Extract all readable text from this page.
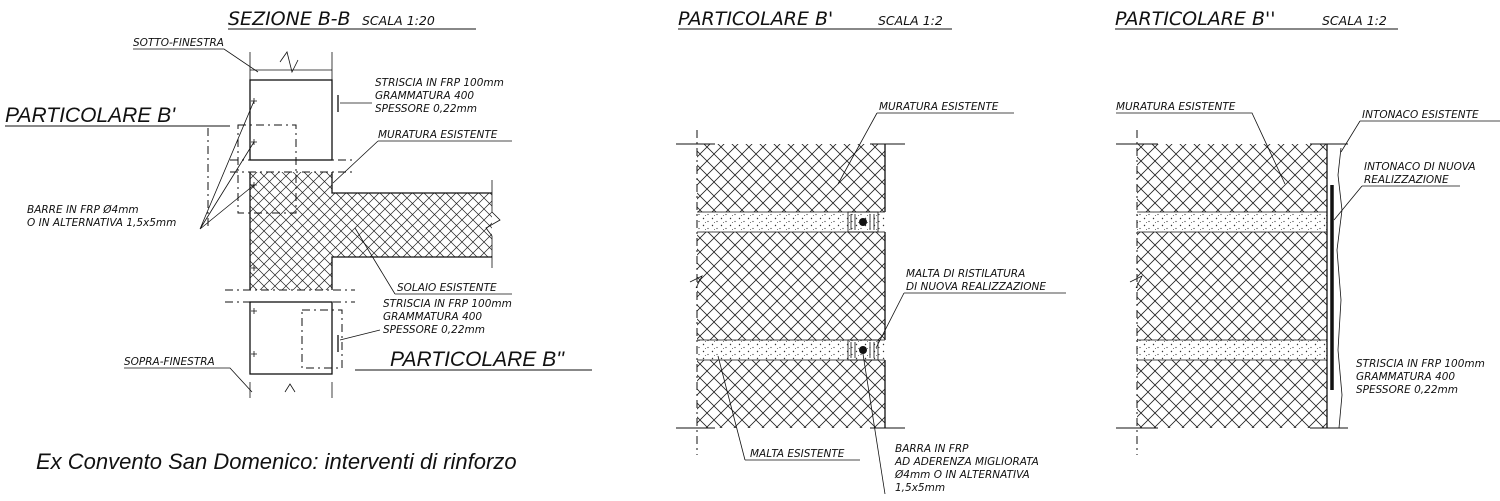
SEZIONE B-B SCALA 1:20
SOTTO-FINESTRA
STRISCIA IN FRP 100mm
GRAMMATURA 400
SPESSORE 0,22mm
MURATURA ESISTENTE
PARTICOLARE B'
BARRE IN FRP Ø4mm
O IN ALTERNATIVA 1,5x5mm
SOLAIO ESISTENTE
STRISCIA IN FRP 100mm
GRAMMATURA 400
SPESSORE 0,22mm
PARTICOLARE B''
SOPRA-FINESTRA
Ex Convento San Domenico: interventi di rinforzo
PARTICOLARE B'	SCALA 1:2
MURATURA ESISTENTE
MALTA DI RISTILATURA
DI NUOVA REALIZZAZIONE
MALTA ESISTENTE	BARRA IN FRP
AD ADERENZA MIGLIORATA
Ø4mm O IN ALTERNATIVA
1,5x5mm
PARTICOLARE B''	SCALA 1:2
MURATURA ESISTENTE
INTONACO ESISTENTE
INTONACO DI NUOVA
REALIZZAZIONE
STRISCIA IN FRP 100mm
GRAMMATURA 400
SPESSORE 0,22mm
